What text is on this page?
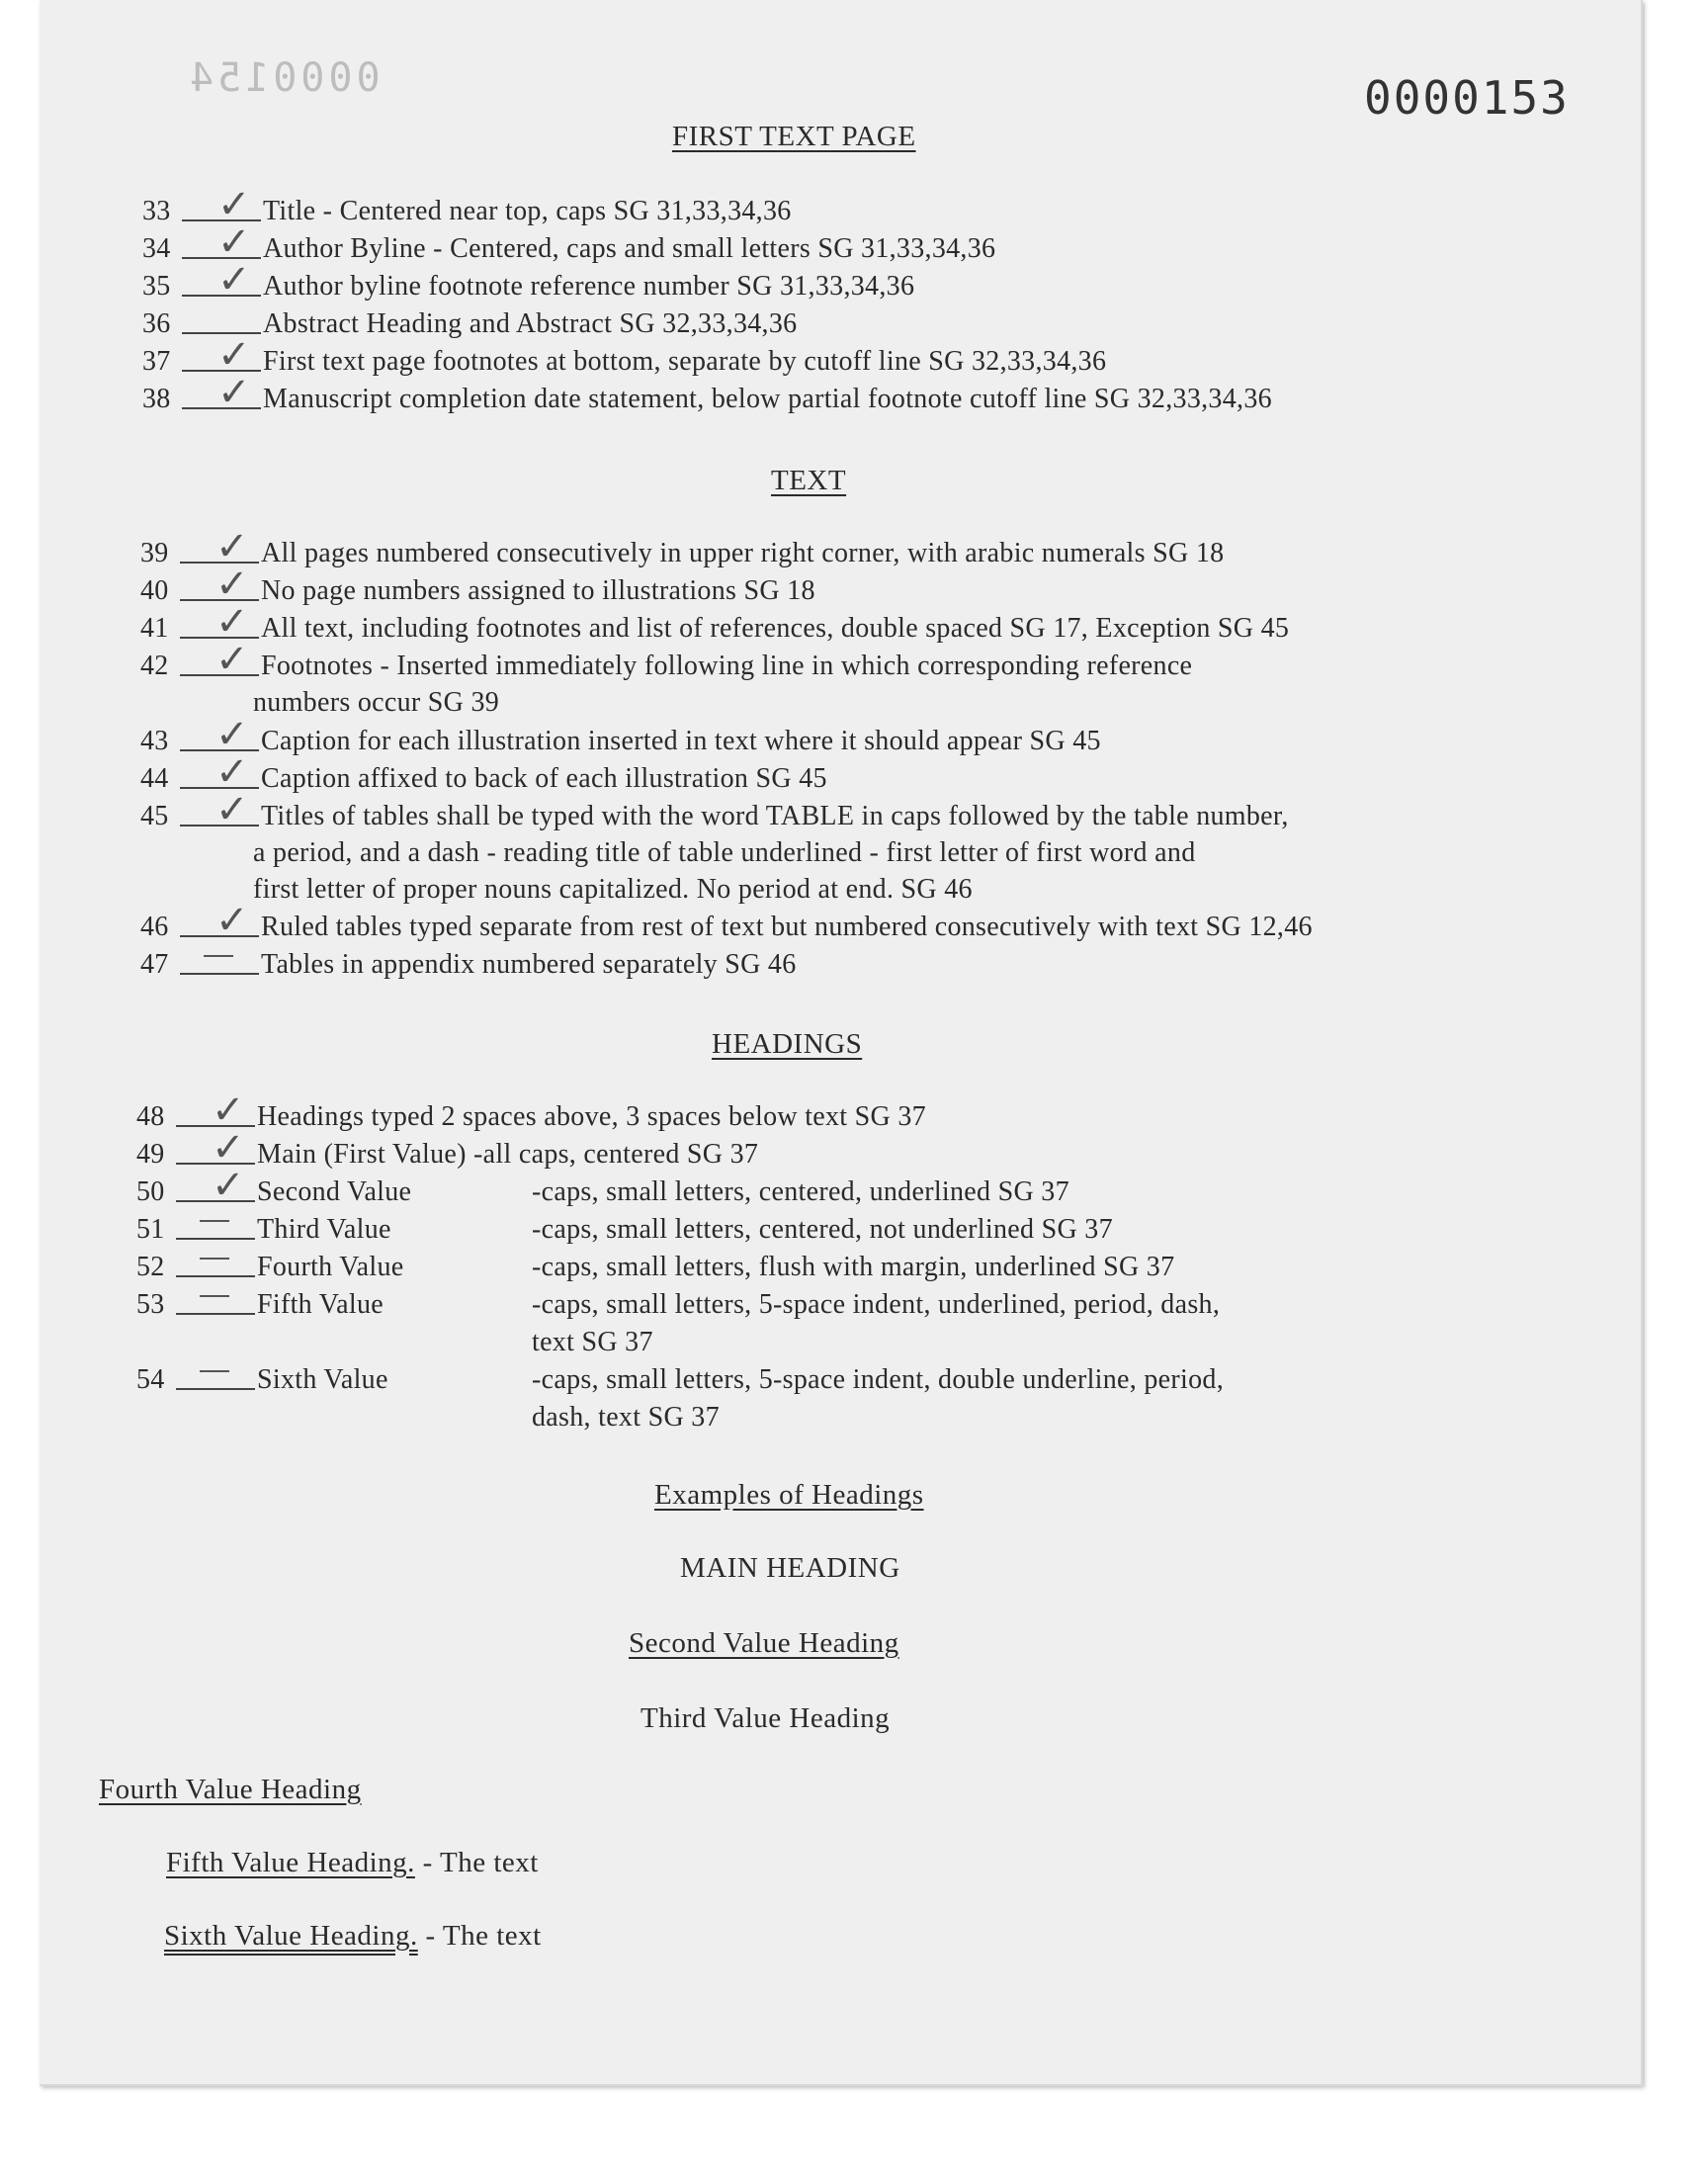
0000154	0000153
FIRST TEXT PAGE
33	✓ Title - Centered near top, caps SG 31,33,34,36
34	✓ Author Byline - Centered, caps and small letters SG 31,33,34,36
35	✓ Author byline footnote reference number SG 31,33,34,36
36	Abstract Heading and Abstract SG 32,33,34,36
37	✓ First text page footnotes at bottom, separate by cutoff line SG 32,33,34,36
38	✓ Manuscript completion date statement, below partial footnote cutoff line SG 32,33,34,36
TEXT
39	✓ All pages numbered consecutively in upper right corner, with arabic numerals SG 18
40	✓ No page numbers assigned to illustrations SG 18
41	✓ All text, including footnotes and list of references, double spaced SG 17, Exception SG 45
42	✓ Footnotes - Inserted immediately following line in which corresponding reference
numbers occur SG 39
43	✓ Caption for each illustration inserted in text where it should appear SG 45
44	✓ Caption affixed to back of each illustration SG 45
45	✓ Titles of tables shall be typed with the word TABLE in caps followed by the table number,
a period, and a dash - reading title of table underlined - first letter of first word and
first letter of proper nouns capitalized. No period at end. SG 46
46	✓ Ruled tables typed separate from rest of text but numbered consecutively with text SG 12,46
47	Tables in appendix numbered separately SG 46
HEADINGS
48	✓ Headings typed 2 spaces above, 3 spaces below text SG 37
49	✓ Main (First Value) -all caps, centered SG 37
50	✓ Second Value	-caps, small letters, centered, underlined SG 37
51	Third Value	-caps, small letters, centered, not underlined SG 37
52	Fourth Value	-caps, small letters, flush with margin, underlined SG 37
53	Fifth Value	-caps, small letters, 5-space indent, underlined, period, dash,
text SG 37
54	Sixth Value	-caps, small letters, 5-space indent, double underline, period,
dash, text SG 37
Examples of Headings
MAIN HEADING
Second Value Heading
Third Value Heading
Fourth Value Heading
Fifth Value Heading. - The text
Sixth Value Heading. - The text
